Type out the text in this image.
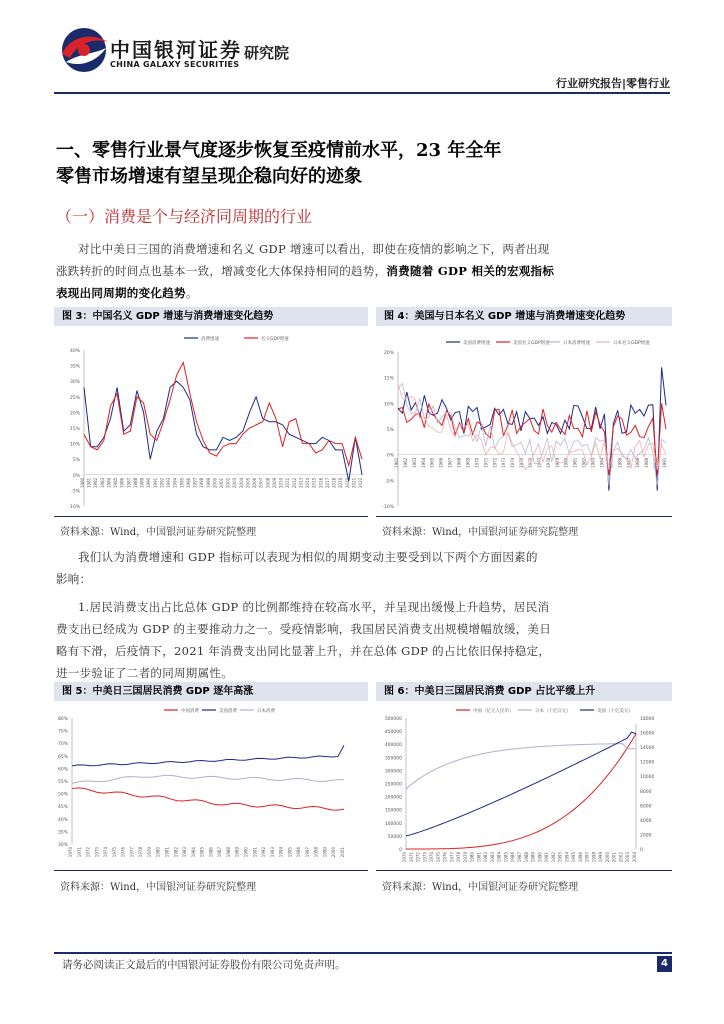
中国银河证券
CHINA GALAXY SECURITIES
研究院
行业研究报告|零售行业
一、零售行业景气度逐步恢复至疫情前水平，23 年全年
零售市场增速有望呈现企稳向好的迹象
（一）消费是个与经济同周期的行业
对比中美日三国的消费增速和名义 GDP 增速可以看出，即使在疫情的影响之下，两者出现
涨跌转折的时间点也基本一致，增减变化大体保持相同的趋势，消费随着 GDP 相关的宏观指标
表现出同周期的变化趋势。
图 3：中国名义 GDP 增速与消费增速变化趋势	图 4：美国与日本名义 GDP 增速与消费增速变化趋势
40%
35%
30%
25%
20%
15%
10%
5%
0%
-5%
-10%
消费增速	名义GDP增速
1980 1981 1982 1983 1984 1985 1986 1987 1988 1989 1990 1991 1992 1993 1994 1995 1996 1997 1998 1999 2000 2001 2002 2003 2004 2005 2006 2007 2008 2009 2010 2011 2012 2013 2014 2015 2016 2017 2018 2019 2020 2021 2022
20%
15%
10%
5%
0%
-5%
-10%
美国消费增速	美国名义GDP增速	日本消费增速	日本名义GDP增速
1961 1962 1963 1964 1965 1966 1967 1968 1969 1970 1971 1972 1973 1974 1975 1976 1977 1978 1979 1980 1981 1982 1983 1984 1985 1986 1987 1988 1989 1990 1991
资料来源：Wind，中国银河证券研究院整理	资料来源：Wind，中国银河证券研究院整理
我们认为消费增速和 GDP 指标可以表现为相似的周期变动主要受到以下两个方面因素的
影响：
1.居民消费支出占比总体 GDP 的比例都维持在较高水平，并呈现出缓慢上升趋势，居民消
费支出已经成为 GDP 的主要推动力之一。受疫情影响，我国居民消费支出规模增幅放缓，美日
略有下滑，后疫情下，2021 年消费支出同比显著上升，并在总体 GDP 的占比依旧保持稳定，
进一步验证了二者的同周期属性。
图 5：中美日三国居民消费 GDP 逐年高涨	图 6：中美日三国居民消费 GDP 占比平缓上升
80%
75%
70%
65%
60%
55%
50%
45%
40%
35%
30%
中国消费	美国消费	日本消费
1970 1971 1972 1973 1974 1975 1976 1977 1978 1979 1980 1981 1982 1983 1984 1985 1986 1987 1988 1989 1990 1991 1992 1993 1994 1995 1996 1997 1998 1999 2000 2001
500000
450000
400000
350000
300000
250000
200000
150000
100000
50000
0
18000
16000
14000
12000
10000
8000
6000
4000
2000
0
中国（亿元人民币）	日本（十亿日元）	美国（十亿美元）
1970 1971 1972 1973 1974 1975 1976 1977 1978 1979 1980 1981 1982 1983 1984 1985 1986 1987 1988 1989 1990 1991 1992 1993 1994 1995 1996 1997 1998 1999 2000 2001 2002 2003 2004
资料来源：Wind，中国银河证券研究院整理	资料来源：Wind，中国银河证券研究院整理
请务必阅读正文最后的中国银河证券股份有限公司免责声明。	4
